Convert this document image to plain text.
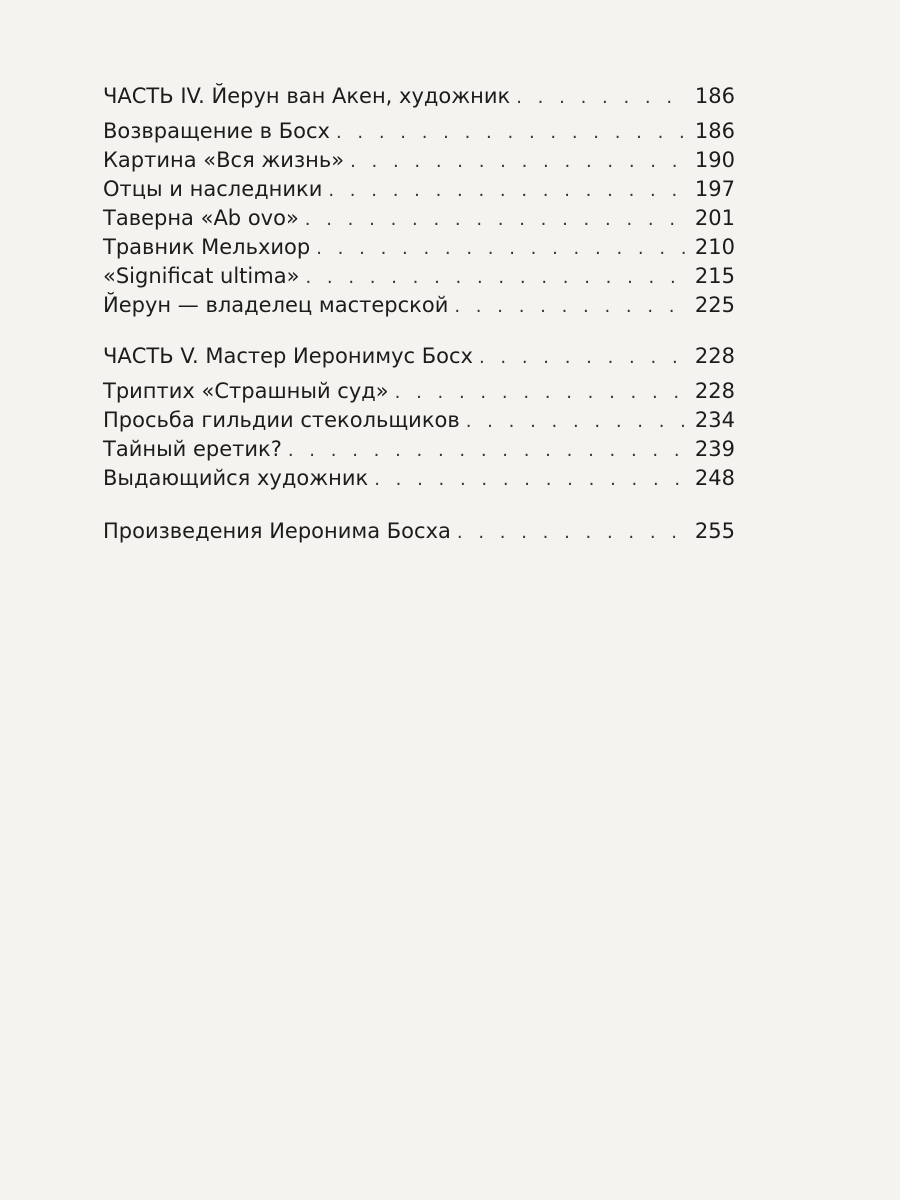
ЧАСТЬ IV. Йерун ван Акен, художник . . .	186
Возвращение в Босх . . .	186
Картина «Вся жизнь» . . .	190
Отцы и наследники . . .	197
Таверна «Ab ovo» . . .	201
Травник Мельхиор . . .	210
«Significat ultima» . . .	215
Йерун — владелец мастерской . . .	225
ЧАСТЬ V. Мастер Иеронимус Босх . . .	228
Триптих «Страшный суд» . . .	228
Просьба гильдии стекольщиков . . .	234
Тайный еретик? . . .	239
Выдающийся художник . . .	248
Произведения Иеронима Босха . . .	255
